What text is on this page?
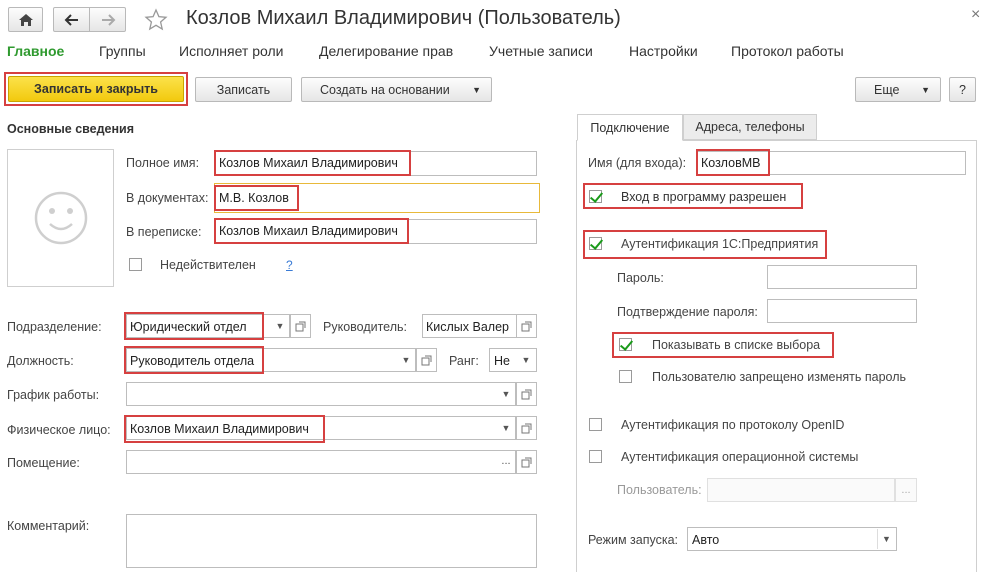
Козлов Михаил Владимирович (Пользователь)	×
Главное Группы Исполняет роли	Делегирование прав	Учетные записи	Настройки Протокол работы
Записать и закрыть	Записать	Создать на основании ▼	Еще ▼	?
Основные сведения
Полное имя: Козлов Михаил Владимирович
В документах: М.В. Козлов
В переписке: Козлов Михаил Владимирович
Недействителен	?
Подразделение: Юридический отдел	▼	Руководитель: Кислых Валер
Должность:	Руководитель отдела	▼	Ранг: Не ▼
График работы:	▼
Физическое лицо: Козлов Михаил Владимирович	▼
Помещение:	...
Комментарий:
Подключение Адреса, телефоны
Имя (для входа): КозловМВ
Вход в программу разрешен
Аутентификация 1С:Предприятия
Пароль:
Подтверждение пароля:
Показывать в списке выбора
Пользователю запрещено изменять пароль
Аутентификация по протоколу OpenID
Аутентификация операционной системы
Пользователь:	...
Режим запуска: Авто	▼
